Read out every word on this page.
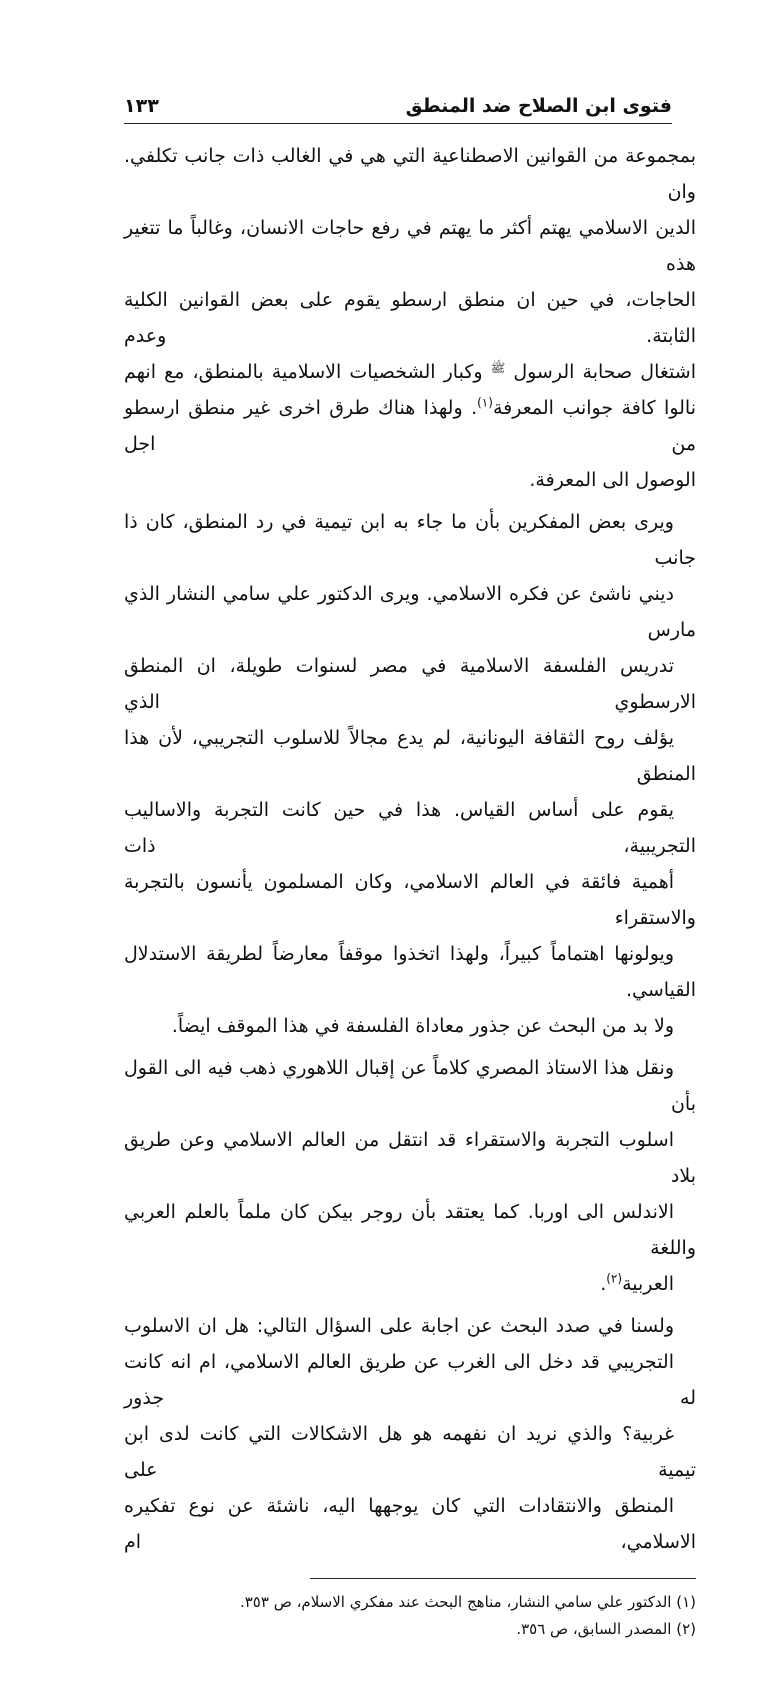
فتوى ابن الصلاح ضد المنطق
١٣٣
بمجموعة من القوانين الاصطناعية التي هي في الغالب ذات جانب تكلفي. وان
الدين الاسلامي يهتم أكثر ما يهتم في رفع حاجات الانسان، وغالباً ما تتغير هذه
الحاجات، في حين ان منطق ارسطو يقوم على بعض القوانين الكلية الثابتة. وعدم
اشتغال صحابة الرسول ﷺ وكبار الشخصيات الاسلامية بالمنطق، مع انهم
نالوا كافة جوانب المعرفة$^{(١)}$. ولهذا هناك طرق اخرى غير منطق ارسطو من اجل
الوصول الى المعرفة.
ويرى بعض المفكرين بأن ما جاء به ابن تيمية في رد المنطق، كان ذا جانب
ديني ناشئ عن فكره الاسلامي. ويرى الدكتور علي سامي النشار الذي مارس
تدريس الفلسفة الاسلامية في مصر لسنوات طويلة، ان المنطق الارسطوي الذي
يؤلف روح الثقافة اليونانية، لم يدع مجالاً للاسلوب التجريبي، لأن هذا المنطق
يقوم على أساس القياس. هذا في حين كانت التجربة والاساليب التجريبية، ذات
أهمية فائقة في العالم الاسلامي، وكان المسلمون يأنسون بالتجربة والاستقراء
ويولونها اهتماماً كبيراً، ولهذا اتخذوا موقفاً معارضاً لطريقة الاستدلال القياسي.
ولا بد من البحث عن جذور معاداة الفلسفة في هذا الموقف ايضاً.
ونقل هذا الاستاذ المصري كلاماً عن إقبال اللاهوري ذهب فيه الى القول بأن
اسلوب التجربة والاستقراء قد انتقل من العالم الاسلامي وعن طريق بلاد
الاندلس الى اوربا. كما يعتقد بأن روجر بيكن كان ملماً بالعلم العربي واللغة
العربية$^{(٢)}$.
ولسنا في صدد البحث عن اجابة على السؤال التالي: هل ان الاسلوب
التجريبي قد دخل الى الغرب عن طريق العالم الاسلامي، ام انه كانت له جذور
غربية؟ والذي نريد ان نفهمه هو هل الاشكالات التي كانت لدى ابن تيمية على
المنطق والانتقادات التي كان يوجهها اليه، ناشئة عن نوع تفكيره الاسلامي، ام
(١) الدكتور علي سامي النشار، مناهج البحث عند مفكري الاسلام، ص ٣٥٣.
(٢) المصدر السابق، ص ٣٥٦.
